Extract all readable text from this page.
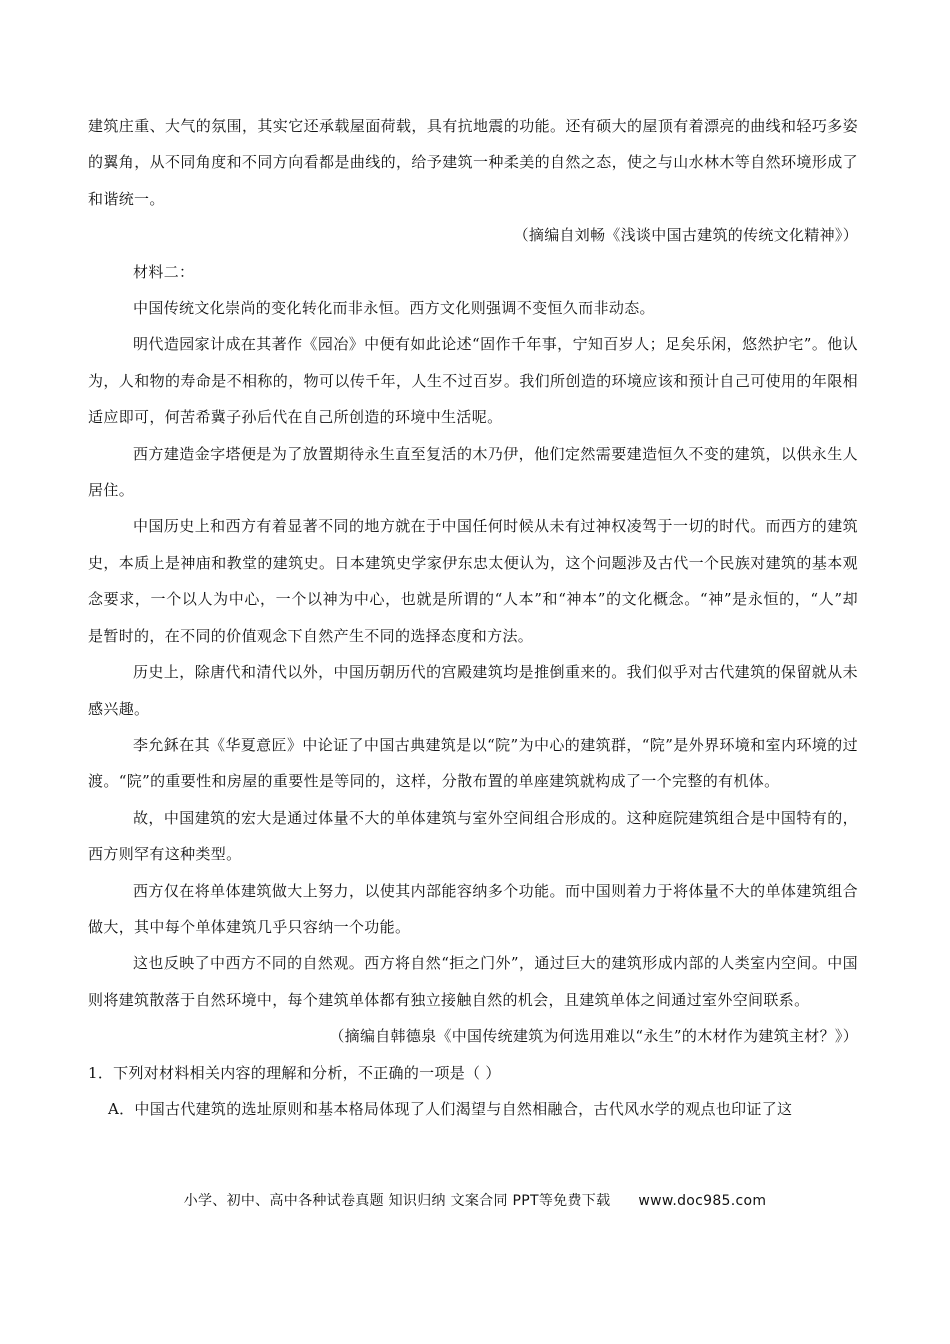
建筑庄重、大气的氛围，其实它还承载屋面荷载，具有抗地震的功能。还有硕大的屋顶有着漂亮的曲线和轻巧多姿的翼角，从不同角度和不同方向看都是曲线的，给予建筑一种柔美的自然之态，使之与山水林木等自然环境形成了和谐统一。

（摘编自刘畅《浅谈中国古建筑的传统文化精神》）

材料二：

中国传统文化崇尚的变化转化而非永恒。西方文化则强调不变恒久而非动态。

明代造园家计成在其著作《园冶》中便有如此论述“固作千年事，宁知百岁人；足矣乐闲，悠然护宅”。他认为，人和物的寿命是不相称的，物可以传千年，人生不过百岁。我们所创造的环境应该和预计自己可使用的年限相适应即可，何苦希冀子孙后代在自己所创造的环境中生活呢。

西方建造金字塔便是为了放置期待永生直至复活的木乃伊，他们定然需要建造恒久不变的建筑，以供永生人居住。

中国历史上和西方有着显著不同的地方就在于中国任何时候从未有过神权凌驾于一切的时代。而西方的建筑史，本质上是神庙和教堂的建筑史。日本建筑史学家伊东忠太便认为，这个问题涉及古代一个民族对建筑的基本观念要求，一个以人为中心，一个以神为中心，也就是所谓的“人本”和“神本”的文化概念。“神”是永恒的，“人”却是暂时的，在不同的价值观念下自然产生不同的选择态度和方法。

历史上，除唐代和清代以外，中国历朝历代的宫殿建筑均是推倒重来的。我们似乎对古代建筑的保留就从未感兴趣。

李允鉌在其《华夏意匠》中论证了中国古典建筑是以“院”为中心的建筑群，“院”是外界环境和室内环境的过渡。“院”的重要性和房屋的重要性是等同的，这样，分散布置的单座建筑就构成了一个完整的有机体。

故，中国建筑的宏大是通过体量不大的单体建筑与室外空间组合形成的。这种庭院建筑组合是中国特有的，西方则罕有这种类型。

西方仅在将单体建筑做大上努力，以使其内部能容纳多个功能。而中国则着力于将体量不大的单体建筑组合做大，其中每个单体建筑几乎只容纳一个功能。

这也反映了中西方不同的自然观。西方将自然“拒之门外”，通过巨大的建筑形成内部的人类室内空间。中国则将建筑散落于自然环境中，每个建筑单体都有独立接触自然的机会，且建筑单体之间通过室外空间联系。

（摘编自韩德泉《中国传统建筑为何选用难以“永生”的木材作为建筑主材？》）

1．下列对材料相关内容的理解和分析，不正确的一项是（ ）

A．中国古代建筑的选址原则和基本格局体现了人们渴望与自然相融合，古代风水学的观点也印证了这

小学、初中、高中各种试卷真题 知识归纳 文案合同 PPT等免费下载 www.doc985.com
